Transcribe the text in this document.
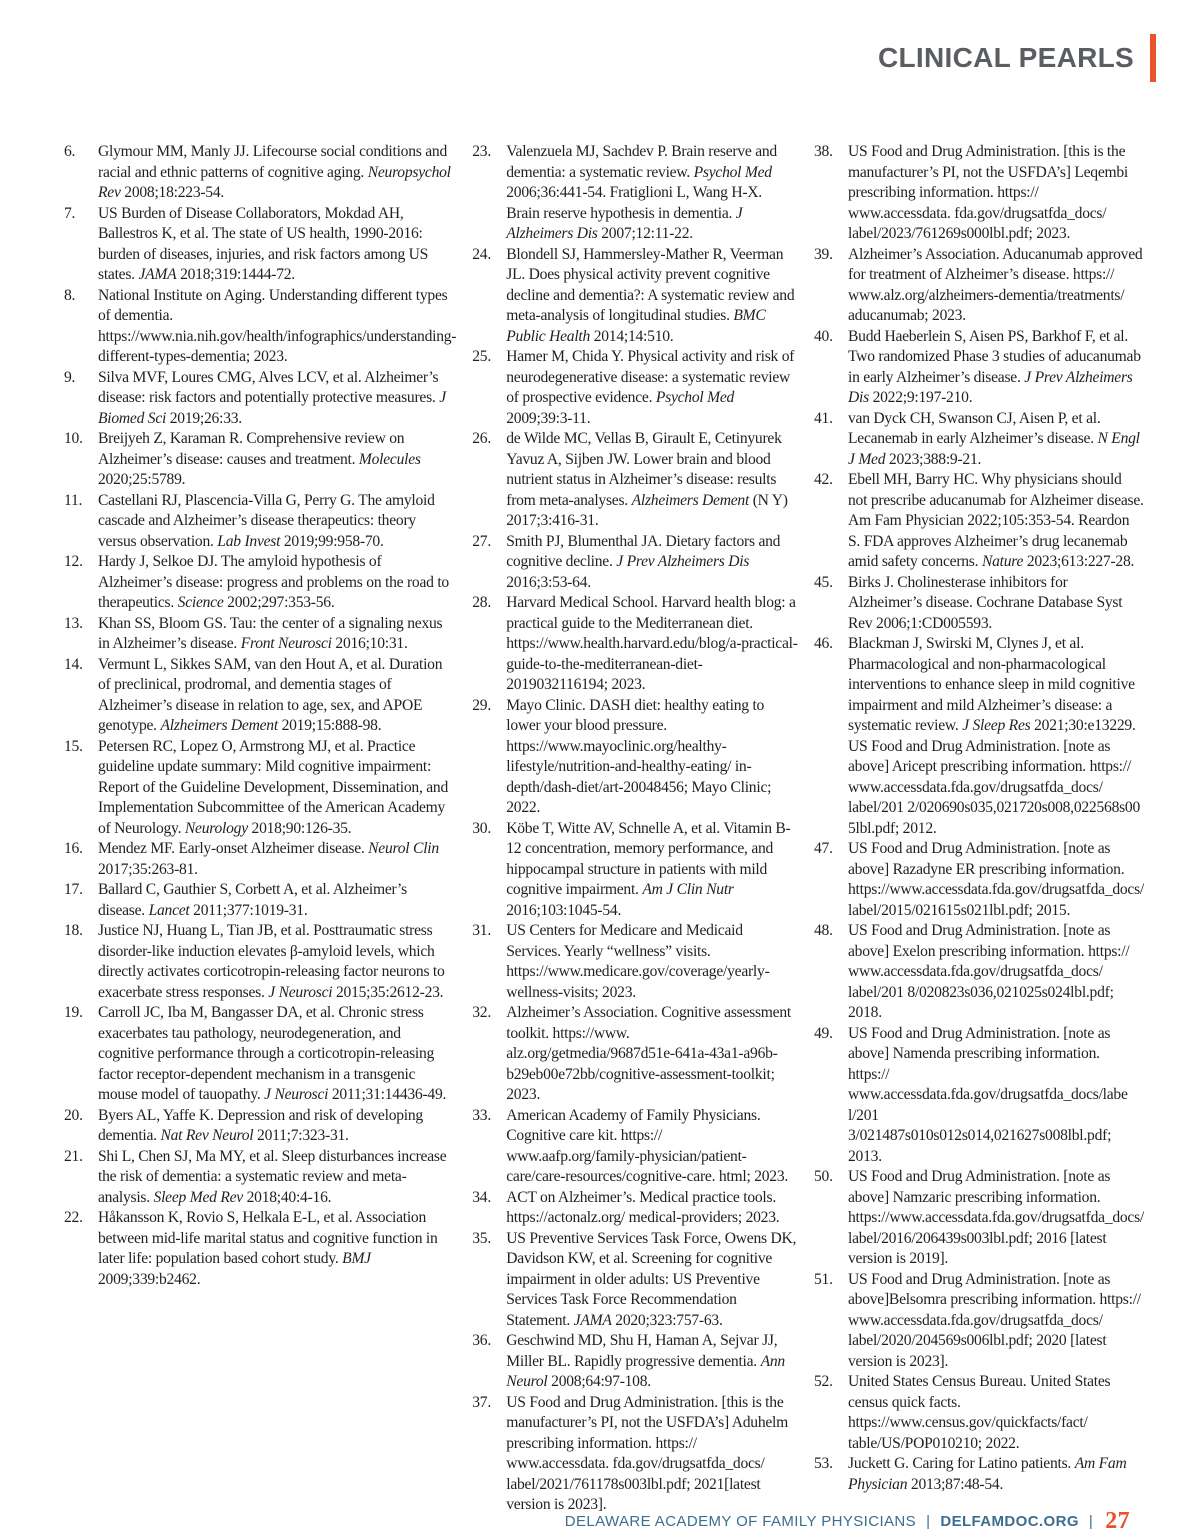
CLINICAL PEARLS
6.	Glymour MM, Manly JJ. Lifecourse social conditions and racial and ethnic patterns of cognitive aging. Neuropsychol Rev 2008;18:223-54.
7.	US Burden of Disease Collaborators, Mokdad AH, Ballestros K, et al. The state of US health, 1990-2016: burden of diseases, injuries, and risk factors among US states. JAMA 2018;319:1444-72.
8.	National Institute on Aging. Understanding different types of dementia. https://www.nia.nih.gov/health/infographics/understanding-different-types-dementia; 2023.
9.	Silva MVF, Loures CMG, Alves LCV, et al. Alzheimer’s disease: risk factors and potentially protective measures. J Biomed Sci 2019;26:33.
10. Breijyeh Z, Karaman R. Comprehensive review on Alzheimer’s disease: causes and treatment. Molecules 2020;25:5789.
11.	Castellani RJ, Plascencia-Villa G, Perry G. The amyloid cascade and Alzheimer’s disease therapeutics: theory versus observation. Lab Invest 2019;99:958-70.
12. Hardy J, Selkoe DJ. The amyloid hypothesis of Alzheimer’s disease: progress and problems on the road to therapeutics. Science 2002;297:353-56.
13. Khan SS, Bloom GS. Tau: the center of a signaling nexus in Alzheimer’s disease. Front Neurosci 2016;10:31.
14. Vermunt L, Sikkes SAM, van den Hout A, et al. Duration of preclinical, prodromal, and dementia stages of Alzheimer’s disease in relation to age, sex, and APOE genotype. Alzheimers Dement 2019;15:888-98.
15. Petersen RC, Lopez O, Armstrong MJ, et al. Practice guideline update summary: Mild cognitive impairment: Report of the Guideline Development, Dissemination, and Implementation Subcommittee of the American Academy of Neurology. Neurology 2018;90:126-35.
16. Mendez MF. Early-onset Alzheimer disease. Neurol Clin 2017;35:263-81.
17. Ballard C, Gauthier S, Corbett A, et al. Alzheimer’s disease. Lancet 2011;377:1019-31.
18. Justice NJ, Huang L, Tian JB, et al. Posttraumatic stress disorder-like induction elevates β-amyloid levels, which directly activates corticotropin-releasing factor neurons to exacerbate stress responses. J Neurosci 2015;35:2612-23.
19. Carroll JC, Iba M, Bangasser DA, et al. Chronic stress exacerbates tau pathology, neurodegeneration, and cognitive performance through a corticotropin-releasing factor receptor-dependent mechanism in a transgenic mouse model of tauopathy. J Neurosci 2011;31:14436-49.
20. Byers AL, Yaffe K. Depression and risk of developing dementia. Nat Rev Neurol 2011;7:323-31.
21. Shi L, Chen SJ, Ma MY, et al. Sleep disturbances increase the risk of dementia: a systematic review and meta-analysis. Sleep Med Rev 2018;40:4-16.
22. Håkansson K, Rovio S, Helkala E-L, et al. Association between mid-life marital status and cognitive function in later life: population based cohort study. BMJ 2009;339:b2462.
23. Valenzuela MJ, Sachdev P. Brain reserve and dementia: a systematic review. Psychol Med 2006;36:441-54. Fratiglioni L, Wang H-X. Brain reserve hypothesis in dementia. J Alzheimers Dis 2007;12:11-22.
24. Blondell SJ, Hammersley-Mather R, Veerman JL. Does physical activity prevent cognitive decline and dementia?: A systematic review and meta-analysis of longitudinal studies. BMC Public Health 2014;14:510.
25. Hamer M, Chida Y. Physical activity and risk of neurodegenerative disease: a systematic review of prospective evidence. Psychol Med 2009;39:3-11.
26. de Wilde MC, Vellas B, Girault E, Cetinyurek Yavuz A, Sijben JW. Lower brain and blood nutrient status in Alzheimer’s disease: results from meta-analyses. Alzheimers Dement (N Y) 2017;3:416-31.
27. Smith PJ, Blumenthal JA. Dietary factors and cognitive decline. J Prev Alzheimers Dis 2016;3:53-64.
28. Harvard Medical School. Harvard health blog: a practical guide to the Mediterranean diet. https://www.health.harvard.edu/blog/a-practical-guide-to-the-mediterranean-diet-2019032116194; 2023.
29. Mayo Clinic. DASH diet: healthy eating to lower your blood pressure. https://www.mayoclinic.org/healthy-lifestyle/nutrition-and-healthy-eating/ in-depth/dash-diet/art-20048456; Mayo Clinic; 2022.
30. Köbe T, Witte AV, Schnelle A, et al. Vitamin B-12 concentration, memory performance, and hippocampal structure in patients with mild cognitive impairment. Am J Clin Nutr 2016;103:1045-54.
31. US Centers for Medicare and Medicaid Services. Yearly “wellness” visits. https://www.medicare.gov/coverage/yearly-wellness-visits; 2023.
32. Alzheimer’s Association. Cognitive assessment toolkit. https://www. alz.org/getmedia/9687d51e-641a-43a1-a96b-b29eb00e72bb/cognitive-assessment-toolkit; 2023.
33. American Academy of Family Physicians. Cognitive care kit. https:// www.aafp.org/family-physician/patient-care/care-resources/cognitive-care. html; 2023.
34. ACT on Alzheimer’s. Medical practice tools. https://actonalz.org/ medical-providers; 2023.
35. US Preventive Services Task Force, Owens DK, Davidson KW, et al. Screening for cognitive impairment in older adults: US Preventive Services Task Force Recommendation Statement. JAMA 2020;323:757-63.
36. Geschwind MD, Shu H, Haman A, Sejvar JJ, Miller BL. Rapidly progressive dementia. Ann Neurol 2008;64:97-108.
37. US Food and Drug Administration. [this is the manufacturer’s PI, not the USFDA’s] Aduhelm prescribing information. https:// www.accessdata. fda.gov/drugsatfda_docs/ label/2021/761178s003lbl.pdf; 2021[latest version is 2023].
38. US Food and Drug Administration. [this is the manufacturer’s PI, not the USFDA’s] Leqembi prescribing information. https:// www.accessdata. fda.gov/drugsatfda_docs/ label/2023/761269s000lbl.pdf; 2023.
39. Alzheimer’s Association. Aducanumab approved for treatment of Alzheimer’s disease. https:// www.alz.org/alzheimers-dementia/treatments/ aducanumab; 2023.
40. Budd Haeberlein S, Aisen PS, Barkhof F, et al. Two randomized Phase 3 studies of aducanumab in early Alzheimer’s disease. J Prev Alzheimers Dis 2022;9:197-210.
41. van Dyck CH, Swanson CJ, Aisen P, et al. Lecanemab in early Alzheimer’s disease. N Engl J Med 2023;388:9-21.
42. Ebell MH, Barry HC. Why physicians should not prescribe aducanumab for Alzheimer disease. Am Fam Physician 2022;105:353-54. Reardon S. FDA approves Alzheimer’s drug lecanemab amid safety concerns. Nature 2023;613:227-28.
45. Birks J. Cholinesterase inhibitors for Alzheimer’s disease. Cochrane Database Syst Rev 2006;1:CD005593.
46. Blackman J, Swirski M, Clynes J, et al. Pharmacological and non-pharmacological interventions to enhance sleep in mild cognitive impairment and mild Alzheimer’s disease: a systematic review. J Sleep Res 2021;30:e13229. US Food and Drug Administration. [note as above] Aricept prescribing information. https:// www.accessdata.fda.gov/drugsatfda_docs/ label/201 2/020690s035,021720s008,022568s00 5lbl.pdf; 2012.
47. US Food and Drug Administration. [note as above] Razadyne ER prescribing information. https://www.accessdata.fda.gov/drugsatfda_docs/ label/2015/021615s021lbl.pdf; 2015.
48. US Food and Drug Administration. [note as above] Exelon prescribing information. https:// www.accessdata.fda.gov/drugsatfda_docs/ label/201 8/020823s036,021025s024lbl.pdf; 2018.
49. US Food and Drug Administration. [note as above] Namenda prescribing information. https:// www.accessdata.fda.gov/drugsatfda_docs/labe l/201 3/021487s010s012s014,021627s008lbl.pdf; 2013.
50. US Food and Drug Administration. [note as above] Namzaric prescribing information. https://www.accessdata.fda.gov/drugsatfda_docs/ label/2016/206439s003lbl.pdf; 2016 [latest version is 2019].
51. US Food and Drug Administration. [note as above]Belsomra prescribing information. https:// www.accessdata.fda.gov/drugsatfda_docs/ label/2020/204569s006lbl.pdf; 2020 [latest version is 2023].
52. United States Census Bureau. United States census quick facts. https://www.census.gov/quickfacts/fact/ table/US/POP010210; 2022.
53. Juckett G. Caring for Latino patients. Am Fam Physician 2013;87:48-54.
DELAWARE ACADEMY OF FAMILY PHYSICIANS | DELFAMDOC.ORG | 27
